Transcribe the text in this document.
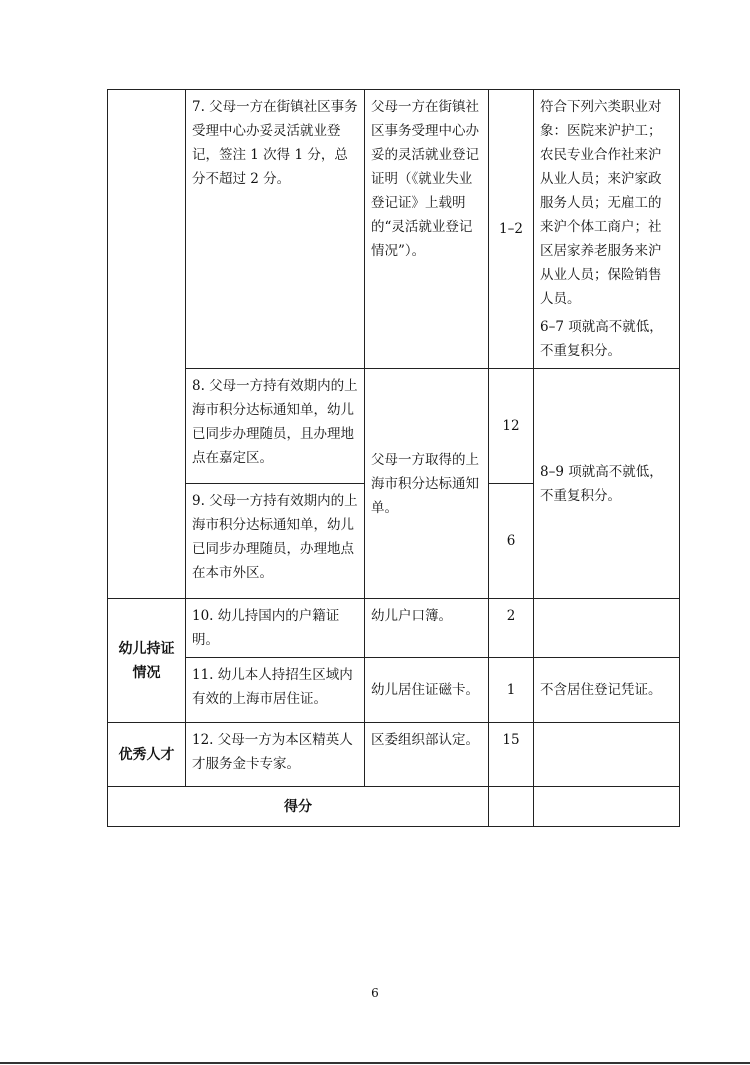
	7. 父母一方在街镇社区事务受理中心办妥灵活就业登记，签注 1 次得 1 分，总分不超过 2 分。	父母一方在街镇社区事务受理中心办妥的灵活就业登记证明（《就业失业登记证》上载明的“灵活就业登记情况”）。	1–2	符合下列六类职业对象：医院来沪护工；农民专业合作社来沪从业人员；来沪家政服务人员；无雇工的来沪个体工商户；社区居家养老服务来沪从业人员；保险销售人员。
6–7 项就高不就低，不重复积分。

	8. 父母一方持有效期内的上海市积分达标通知单，幼儿已同步办理随员，且办理地点在嘉定区。	父母一方取得的上海市积分达标通知单。	12	8–9 项就高不就低，不重复积分。
	9. 父母一方持有效期内的上海市积分达标通知单，幼儿已同步办理随员，办理地点在本市外区。		6	
幼儿持证情况	10. 幼儿持国内的户籍证明。	幼儿户口簿。	2	
	11. 幼儿本人持招生区域内有效的上海市居住证。	幼儿居住证磁卡。	1	不含居住登记凭证。
优秀人才	12. 父母一方为本区精英人才服务金卡专家。	区委组织部认定。	15	
得分				
6
